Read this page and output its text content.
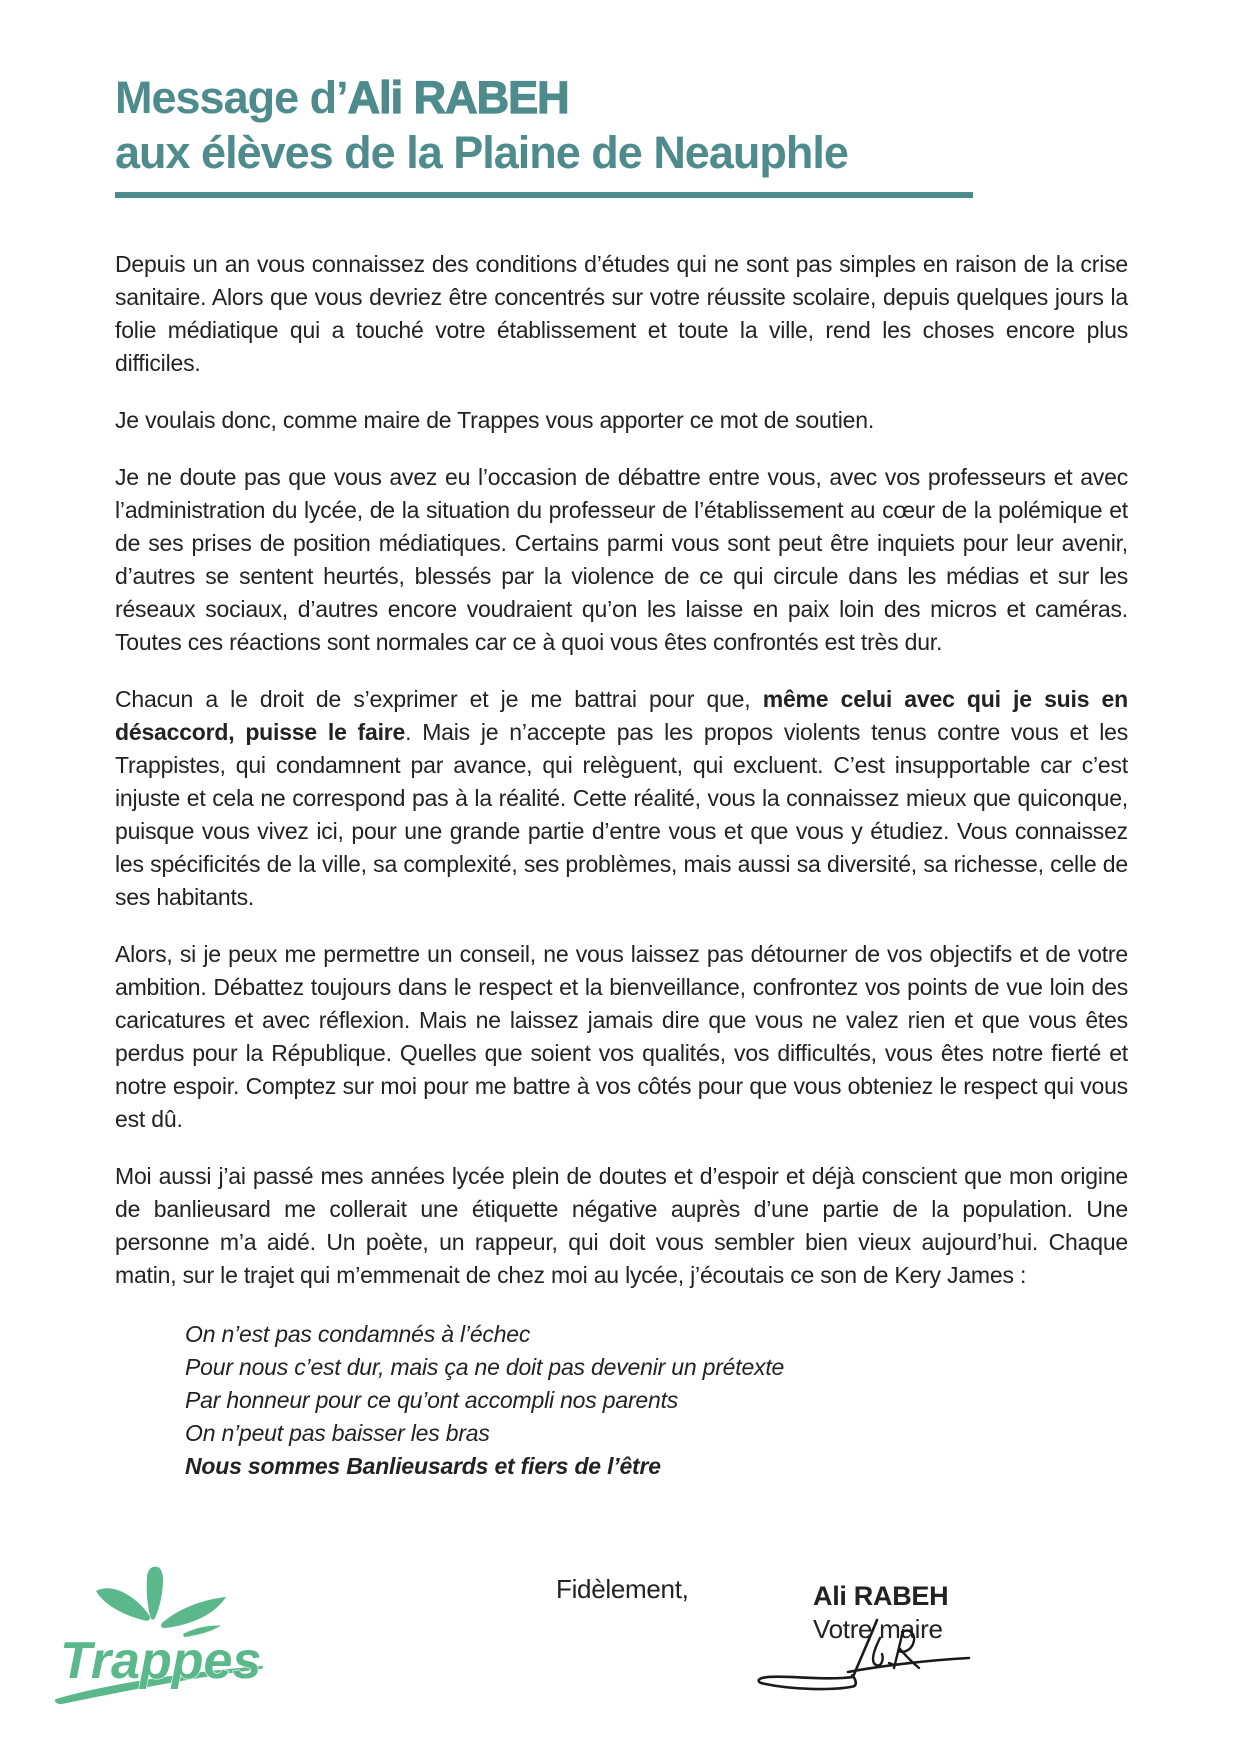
Message d’Ali RABEH
aux élèves de la Plaine de Neauphle

Depuis un an vous connaissez des conditions d’études qui ne sont pas simples en raison de la crise sanitaire. Alors que vous devriez être concentrés sur votre réussite scolaire, depuis quelques jours la folie médiatique qui a touché votre établissement et toute la ville, rend les choses encore plus difficiles.

Je voulais donc, comme maire de Trappes vous apporter ce mot de soutien.

Je ne doute pas que vous avez eu l’occasion de débattre entre vous, avec vos professeurs et avec l’administration du lycée, de la situation du professeur de l’établissement au cœur de la polémique et de ses prises de position médiatiques. Certains parmi vous sont peut être inquiets pour leur avenir, d’autres se sentent heurtés, blessés par la violence de ce qui circule dans les médias et sur les réseaux sociaux, d’autres encore voudraient qu’on les laisse en paix loin des micros et caméras. Toutes ces réactions sont normales car ce à quoi vous êtes confrontés est très dur.

Chacun a le droit de s’exprimer et je me battrai pour que, même celui avec qui je suis en désaccord, puisse le faire. Mais je n’accepte pas les propos violents tenus contre vous et les Trappistes, qui condamnent par avance, qui relèguent, qui excluent. C’est insupportable car c’est injuste et cela ne correspond pas à la réalité. Cette réalité, vous la connaissez mieux que quiconque, puisque vous vivez ici, pour une grande partie d’entre vous et que vous y étudiez. Vous connaissez les spécificités de la ville, sa complexité, ses problèmes, mais aussi sa diversité, sa richesse, celle de ses habitants.

Alors, si je peux me permettre un conseil, ne vous laissez pas détourner de vos objectifs et de votre ambition. Débattez toujours dans le respect et la bienveillance, confrontez vos points de vue loin des caricatures et avec réflexion. Mais ne laissez jamais dire que vous ne valez rien et que vous êtes perdus pour la République. Quelles que soient vos qualités, vos difficultés, vous êtes notre fierté et notre espoir. Comptez sur moi pour me battre à vos côtés pour que vous obteniez le respect qui vous est dû.

Moi aussi j’ai passé mes années lycée plein de doutes et d’espoir et déjà conscient que mon origine de banlieusard me collerait une étiquette négative auprès d’une partie de la population. Une personne m’a aidé. Un poète, un rappeur, qui doit vous sembler bien vieux aujourd’hui. Chaque matin, sur le trajet qui m’emmenait de chez moi au lycée, j’écoutais ce son de Kery James :

On n’est pas condamnés à l’échec
Pour nous c’est dur, mais ça ne doit pas devenir un prétexte
Par honneur pour ce qu’ont accompli nos parents
On n’peut pas baisser les bras
Nous sommes Banlieusards et fiers de l’être
Fidèlement,	Ali RABEH
Votre maire
Trappes
